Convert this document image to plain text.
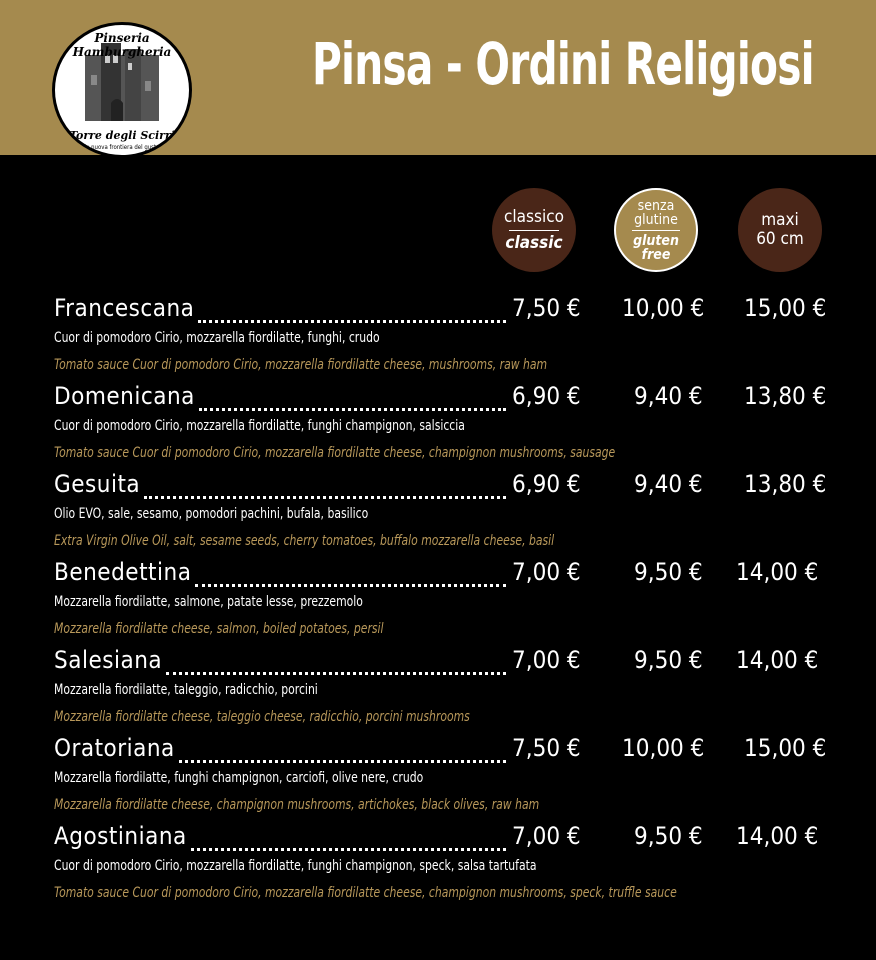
Pinseria Hamburgheria
Torre degli Scirri
la nuova frontiera del gusto
Pinsa - Ordini Religiosi
classico
classic
senza glutine
gluten free
maxi
60 cm
Francescana	7,50 € 10,00 € 15,00 €
Cuor di pomodoro Cirio, mozzarella fiordilatte, funghi, crudo
Tomato sauce Cuor di pomodoro Cirio, mozzarella fiordilatte cheese, mushrooms, raw ham
Domenicana	6,90 € 9,40 € 13,80 €
Cuor di pomodoro Cirio, mozzarella fiordilatte, funghi champignon, salsiccia
Tomato sauce Cuor di pomodoro Cirio, mozzarella fiordilatte cheese, champignon mushrooms, sausage
Gesuita	6,90 € 9,40 € 13,80 €
Olio EVO, sale, sesamo, pomodori pachini, bufala, basilico
Extra Virgin Olive Oil, salt, sesame seeds, cherry tomatoes, buffalo mozzarella cheese, basil
Benedettina	7,00 € 9,50 € 14,00 €
Mozzarella fiordilatte, salmone, patate lesse, prezzemolo
Mozzarella fiordilatte cheese, salmon, boiled potatoes, persil
Salesiana	7,00 € 9,50 € 14,00 €
Mozzarella fiordilatte, taleggio, radicchio, porcini
Mozzarella fiordilatte cheese, taleggio cheese, radicchio, porcini mushrooms
Oratoriana	7,50 € 10,00 € 15,00 €
Mozzarella fiordilatte, funghi champignon, carciofi, olive nere, crudo
Mozzarella fiordilatte cheese, champignon mushrooms, artichokes, black olives, raw ham
Agostiniana	7,00 € 9,50 € 14,00 €
Cuor di pomodoro Cirio, mozzarella fiordilatte, funghi champignon, speck, salsa tartufata
Tomato sauce Cuor di pomodoro Cirio, mozzarella fiordilatte cheese, champignon mushrooms, speck, truffle sauce
